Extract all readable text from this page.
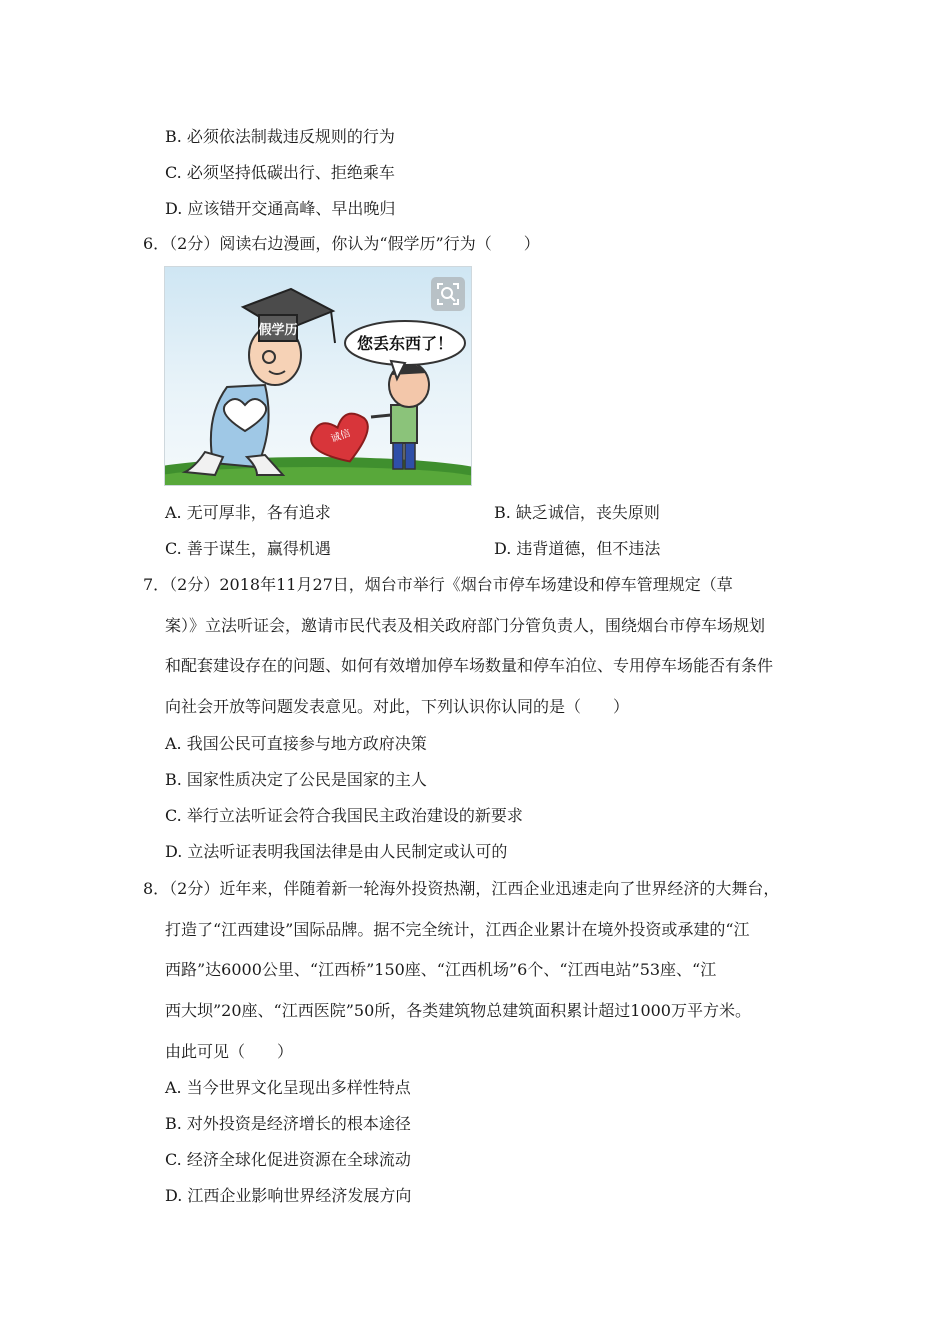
B. 必须依法制裁违反规则的行为
C. 必须坚持低碳出行、拒绝乘车
D. 应该错开交通高峰、早出晚归
6．（2分）阅读右边漫画，你认为“假学历”行为（　　）
假学历
诚信
您丢东西了！
A. 无可厚非，各有追求	B. 缺乏诚信，丧失原则
C. 善于谋生，赢得机遇	D. 违背道德，但不违法
7．（2分）2018年11月27日，烟台市举行《烟台市停车场建设和停车管理规定（草
案）》立法听证会，邀请市民代表及相关政府部门分管负责人，围绕烟台市停车场规划
和配套建设存在的问题、如何有效增加停车场数量和停车泊位、专用停车场能否有条件
向社会开放等问题发表意见。对此，下列认识你认同的是（　　）
A. 我国公民可直接参与地方政府决策
B. 国家性质决定了公民是国家的主人
C. 举行立法听证会符合我国民主政治建设的新要求
D. 立法听证表明我国法律是由人民制定或认可的
8．（2分）近年来，伴随着新一轮海外投资热潮，江西企业迅速走向了世界经济的大舞台，
打造了“江西建设”国际品牌。据不完全统计，江西企业累计在境外投资或承建的“江
西路”达6000公里、“江西桥”150座、“江西机场”6个、“江西电站”53座、“江
西大坝”20座、“江西医院”50所，各类建筑物总建筑面积累计超过1000万平方米。
由此可见（　　）
A. 当今世界文化呈现出多样性特点
B. 对外投资是经济增长的根本途径
C. 经济全球化促进资源在全球流动
D. 江西企业影响世界经济发展方向
